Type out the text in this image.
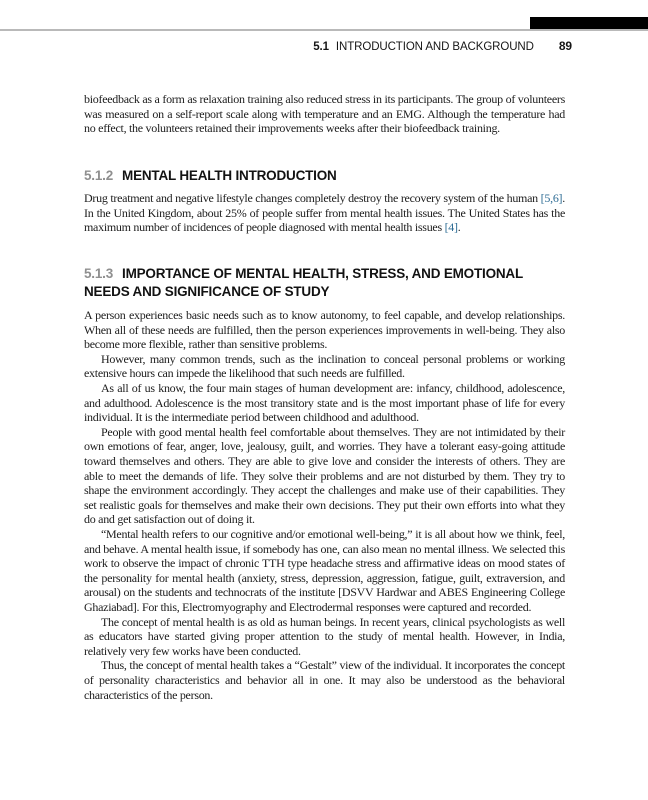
5.1 INTRODUCTION AND BACKGROUND 89

biofeedback as a form as relaxation training also reduced stress in its participants. The group of volunteers was measured on a self-report scale along with temperature and an EMG. Although the temperature had no effect, the volunteers retained their improvements weeks after their biofeedback training.

5.1.2 MENTAL HEALTH INTRODUCTION

Drug treatment and negative lifestyle changes completely destroy the recovery system of the human [5,6]. In the United Kingdom, about 25% of people suffer from mental health issues. The United States has the maximum number of incidences of people diagnosed with mental health issues [4].

5.1.3 IMPORTANCE OF MENTAL HEALTH, STRESS, AND EMOTIONAL NEEDS AND SIGNIFICANCE OF STUDY

A person experiences basic needs such as to know autonomy, to feel capable, and develop relationships. When all of these needs are fulfilled, then the person experiences improvements in well-being. They also become more flexible, rather than sensitive problems.

However, many common trends, such as the inclination to conceal personal problems or working extensive hours can impede the likelihood that such needs are fulfilled.

As all of us know, the four main stages of human development are: infancy, childhood, adolescence, and adulthood. Adolescence is the most transitory state and is the most important phase of life for every individual. It is the intermediate period between childhood and adulthood.

People with good mental health feel comfortable about themselves. They are not intimidated by their own emotions of fear, anger, love, jealousy, guilt, and worries. They have a tolerant easy-going attitude toward themselves and others. They are able to give love and consider the interests of others. They are able to meet the demands of life. They solve their problems and are not disturbed by them. They try to shape the environment accordingly. They accept the challenges and make use of their capabilities. They set realistic goals for themselves and make their own decisions. They put their own efforts into what they do and get satisfaction out of doing it.

“Mental health refers to our cognitive and/or emotional well-being,” it is all about how we think, feel, and behave. A mental health issue, if somebody has one, can also mean no mental illness. We selected this work to observe the impact of chronic TTH type headache stress and affirmative ideas on mood states of the personality for mental health (anxiety, stress, depression, aggression, fatigue, guilt, extraversion, and arousal) on the students and technocrats of the institute [DSVV Hardwar and ABES Engineering College Ghaziabad]. For this, Electromyography and Electrodermal responses were captured and recorded.

The concept of mental health is as old as human beings. In recent years, clinical psychologists as well as educators have started giving proper attention to the study of mental health. However, in India, relatively very few works have been conducted.

Thus, the concept of mental health takes a “Gestalt” view of the individual. It incorporates the concept of personality characteristics and behavior all in one. It may also be understood as the behavioral characteristics of the person.
